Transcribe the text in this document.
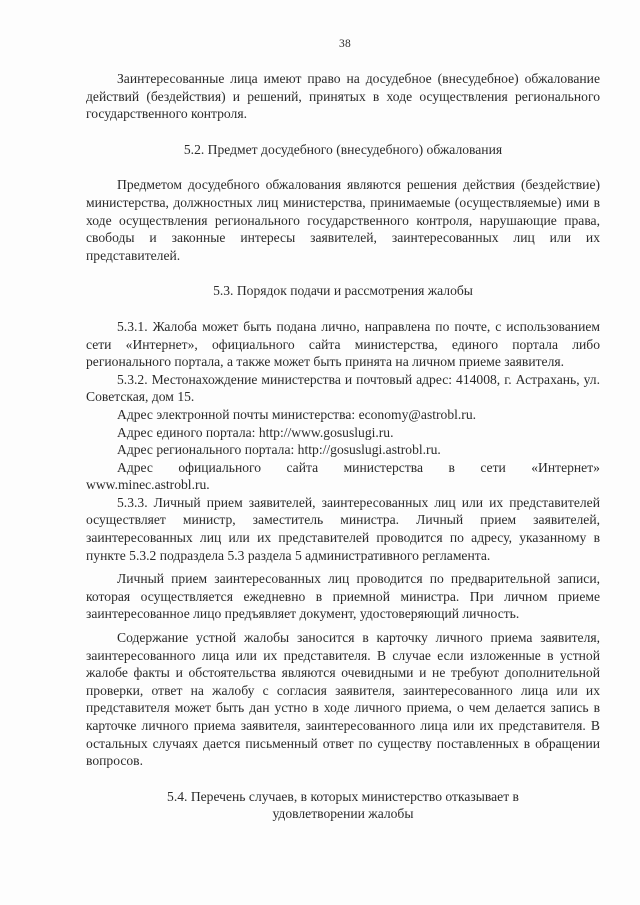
38

Заинтересованные лица имеют право на досудебное (внесудебное) обжалование действий (бездействия) и решений, принятых в ходе осуществления регионального государственного контроля.

5.2. Предмет досудебного (внесудебного) обжалования

Предметом досудебного обжалования являются решения действия (бездействие) министерства, должностных лиц министерства, принимаемые (осуществляемые) ими в ходе осуществления регионального государственного контроля, нарушающие права, свободы и законные интересы заявителей, заинтересованных лиц или их представителей.

5.3. Порядок подачи и рассмотрения жалобы

5.3.1. Жалоба может быть подана лично, направлена по почте, с использованием сети «Интернет», официального сайта министерства, единого портала либо регионального портала, а также может быть принята на личном приеме заявителя.

5.3.2. Местонахождение министерства и почтовый адрес: 414008, г. Астрахань, ул. Советская, дом 15.

Адрес электронной почты министерства: economy@astrobl.ru.
Адрес единого портала: http://www.gosuslugi.ru.
Адрес регионального портала: http://gosuslugi.astrobl.ru.
Адрес официального сайта министерства в сети «Интернет»
www.minec.astrobl.ru.

5.3.3. Личный прием заявителей, заинтересованных лиц или их представителей осуществляет министр, заместитель министра. Личный прием заявителей, заинтересованных лиц или их представителей проводится по адресу, указанному в пункте 5.3.2 подраздела 5.3 раздела 5 административного регламента.

Личный прием заинтересованных лиц проводится по предварительной записи, которая осуществляется ежедневно в приемной министра. При личном приеме заинтересованное лицо предъявляет документ, удостоверяющий личность.

Содержание устной жалобы заносится в карточку личного приема заявителя, заинтересованного лица или их представителя. В случае если изложенные в устной жалобе факты и обстоятельства являются очевидными и не требуют дополнительной проверки, ответ на жалобу с согласия заявителя, заинтересованного лица или их представителя может быть дан устно в ходе личного приема, о чем делается запись в карточке личного приема заявителя, заинтересованного лица или их представителя. В остальных случаях дается письменный ответ по существу поставленных в обращении вопросов.

5.4. Перечень случаев, в которых министерство отказывает в
удовлетворении жалобы
